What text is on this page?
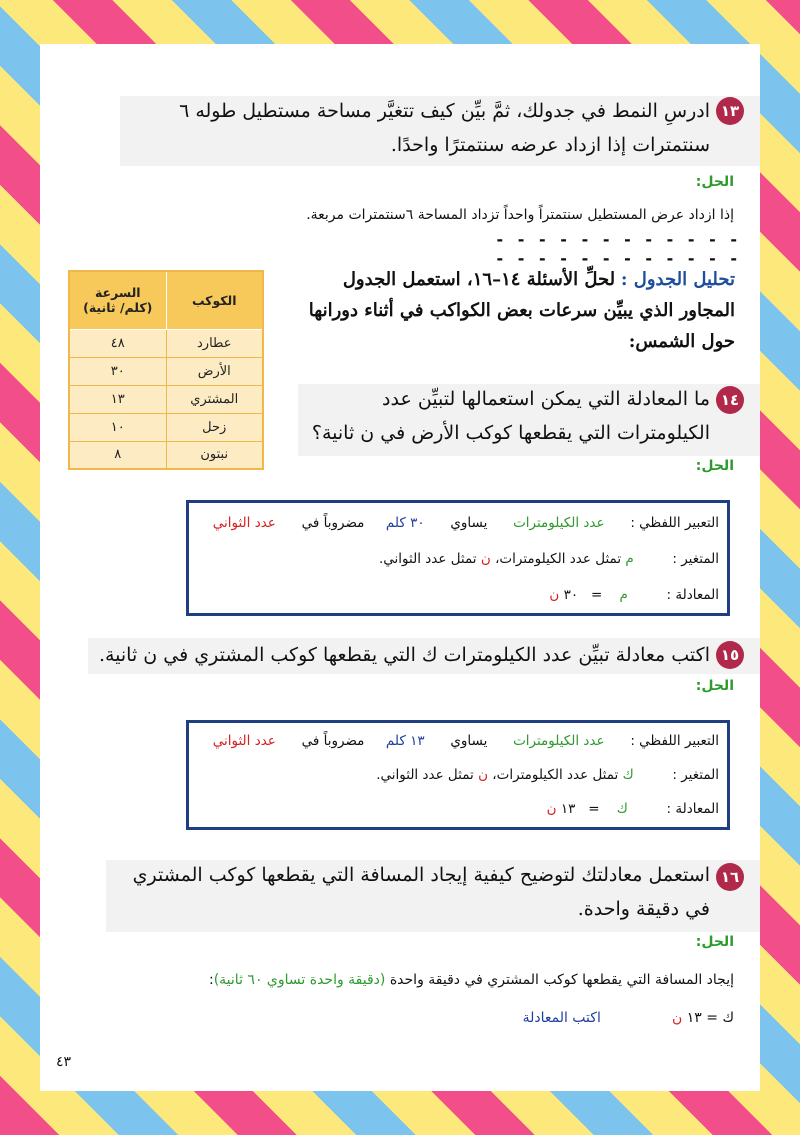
١٣
ادرسِ النمط في جدولك، ثمَّ بيِّن كيف تتغيَّر مساحة مستطيل طوله ٦ سنتمترات إذا ازداد عرضه سنتمترًا واحدًا.
الحل:
إذا ازداد عرض المستطيل سنتمتراً واحداً تزداد المساحة ٦سنتمترات مربعة.
- - - - - - - - - - - - - - - - - - - - - - - -
تحليل الجدول : لحلِّ الأسئلة ١٤–١٦، استعمل الجدول المجاور الذي يبيِّن سرعات بعض الكواكب في أثناء دورانها حول الشمس:
الكوكب	السرعة
(كلم/ ثانية)

عطارد	٤٨
الأرض	٣٠
المشتري	١٣
زحل	١٠
نبتون	٨
١٤
ما المعادلة التي يمكن استعمالها لتبيِّن عدد الكيلومترات التي يقطعها كوكب الأرض في ن ثانية؟
الحل:
التعبير اللفظي :      عدد الكيلومترات      يساوي      ٣٠ كلم     مضروباً في      عدد الثواني
المتغير :         م تمثل عدد الكيلومترات، ن تمثل عدد الثواني.
المعادلة :         م    =   ٣٠ ن
١٥
اكتب معادلة تبيِّن عدد الكيلومترات ك التي يقطعها كوكب المشتري في ن ثانية.
الحل:
التعبير اللفظي :      عدد الكيلومترات      يساوي      ١٣ كلم     مضروباً في      عدد الثواني
المتغير :         ك تمثل عدد الكيلومترات، ن تمثل عدد الثواني.
المعادلة :         ك    =   ١٣ ن
١٦
استعمل معادلتك لتوضيح كيفية إيجاد المسافة التي يقطعها كوكب المشتري في دقيقة واحدة.
الحل:
إيجاد المسافة التي يقطعها كوكب المشتري في دقيقة واحدة (دقيقة واحدة تساوي ٦٠ ثانية):
ك = ١٣ ن                اكتب المعادلة
٤٣
